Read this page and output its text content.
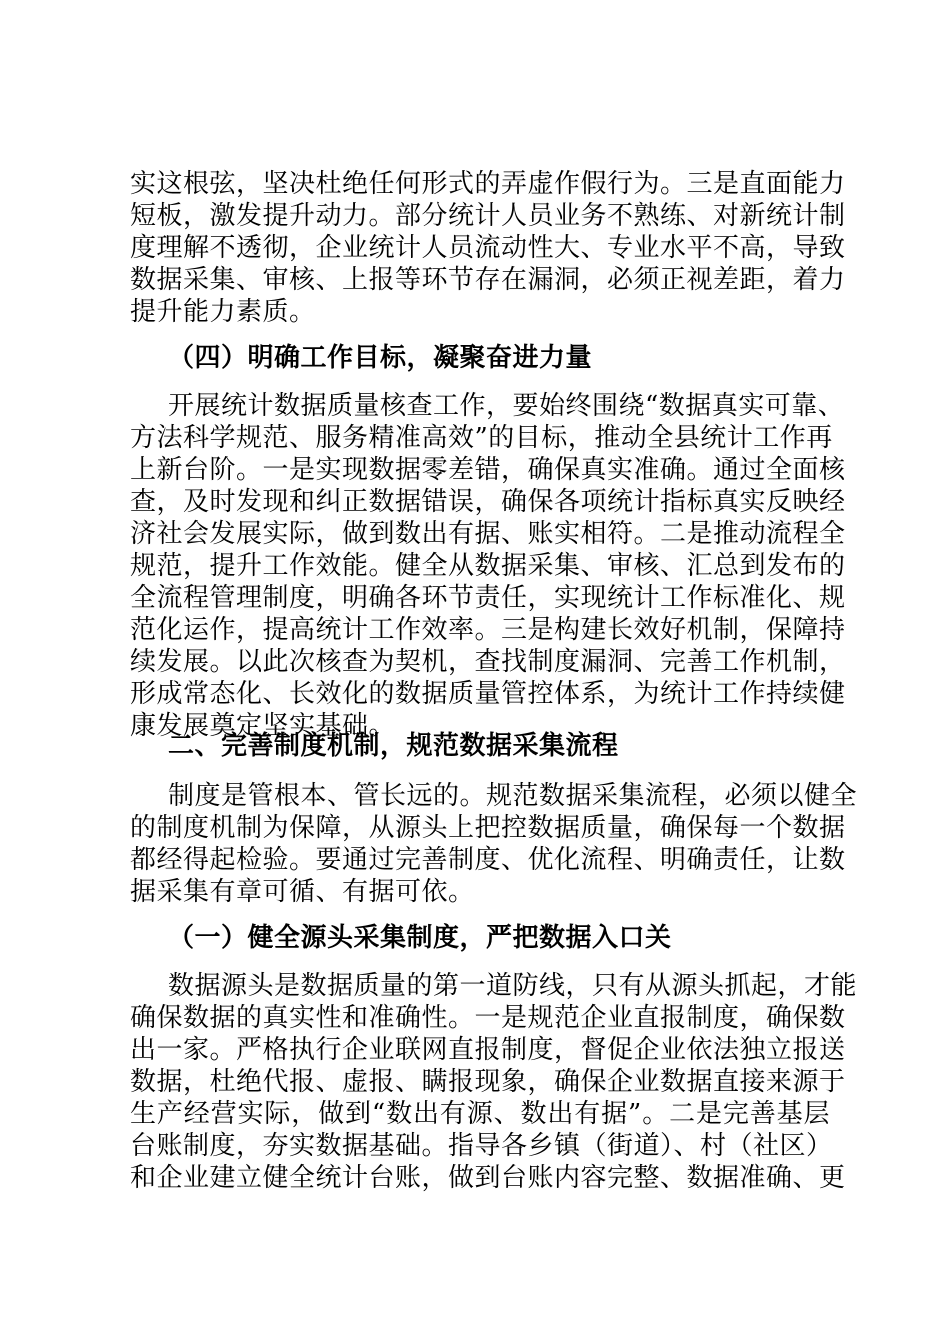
实这根弦，坚决杜绝任何形式的弄虚作假行为。三是直面能力
短板，激发提升动力。部分统计人员业务不熟练、对新统计制
度理解不透彻，企业统计人员流动性大、专业水平不高，导致
数据采集、审核、上报等环节存在漏洞，必须正视差距，着力
提升能力素质。
（四）明确工作目标，凝聚奋进力量
开展统计数据质量核查工作，要始终围绕“数据真实可靠、
方法科学规范、服务精准高效”的目标，推动全县统计工作再
上新台阶。一是实现数据零差错，确保真实准确。通过全面核
查，及时发现和纠正数据错误，确保各项统计指标真实反映经
济社会发展实际，做到数出有据、账实相符。二是推动流程全
规范，提升工作效能。健全从数据采集、审核、汇总到发布的
全流程管理制度，明确各环节责任，实现统计工作标准化、规
范化运作，提高统计工作效率。三是构建长效好机制，保障持
续发展。以此次核查为契机，查找制度漏洞、完善工作机制，
形成常态化、长效化的数据质量管控体系，为统计工作持续健
康发展奠定坚实基础。
二、完善制度机制，规范数据采集流程
制度是管根本、管长远的。规范数据采集流程，必须以健全
的制度机制为保障，从源头上把控数据质量，确保每一个数据
都经得起检验。要通过完善制度、优化流程、明确责任，让数
据采集有章可循、有据可依。
（一）健全源头采集制度，严把数据入口关
数据源头是数据质量的第一道防线，只有从源头抓起，才能
确保数据的真实性和准确性。一是规范企业直报制度，确保数
出一家。严格执行企业联网直报制度，督促企业依法独立报送
数据，杜绝代报、虚报、瞒报现象，确保企业数据直接来源于
生产经营实际，做到“数出有源、数出有据”。二是完善基层
台账制度，夯实数据基础。指导各乡镇（街道）、村（社区）
和企业建立健全统计台账，做到台账内容完整、数据准确、更
